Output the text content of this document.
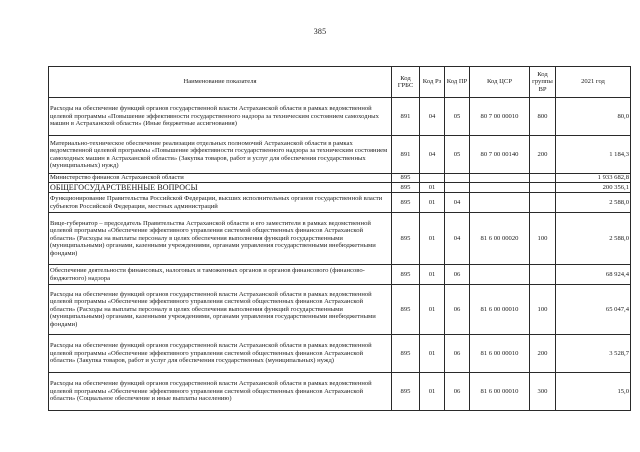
385
Наименование показателя	Код ГРБС	Код Рз	Код ПР	Код ЦСР	Код группы ВР	2021 год
Расходы на обеспечение функций органов государственной власти Астраханской области в рамках ведомственной целевой программы «Повышение эффективности государственного надзора за техническим состоянием самоходных машин в Астраханской области» (Иные бюджетные ассигнования)	891	04	05	80 7 00 00010	800	80,0
Материально-техническое обеспечение реализации отдельных полномочий Астраханской области в рамках ведомственной целевой программы «Повышение эффективности государственного надзора за техническим состоянием самоходных машин в Астраханской области» (Закупка товаров, работ и услуг для обеспечения государственных (муниципальных) нужд)	891	04	05	80 7 00 00140	200	1 184,3
Министерство финансов Астраханской области	895					1 933 682,8
ОБЩЕГОСУДАРСТВЕННЫЕ ВОПРОСЫ	895	01				200 356,1
Функционирование Правительства Российской Федерации, высших исполнительных органов государственной власти субъектов Российской Федерации, местных администраций	895	01	04			2 588,0
Вице-губернатор – председатель Правительства Астраханской области и его заместители в рамках ведомственной целевой программы «Обеспечение эффективного управления системой общественных финансов Астраханской области» (Расходы на выплаты персоналу в целях обеспечения выполнения функций государственными (муниципальными) органами, казенными учреждениями, органами управления государственными внебюджетными фондами)	895	01	04	81 6 00 00020	100	2 588,0
Обеспечение деятельности финансовых, налоговых и таможенных органов и органов финансового (финансово-бюджетного) надзора	895	01	06			68 924,4
Расходы на обеспечение функций органов государственной власти Астраханской области в рамках ведомственной целевой программы «Обеспечение эффективного управления системой общественных финансов Астраханской области» (Расходы на выплаты персоналу в целях обеспечения выполнения функций государственными (муниципальными) органами, казенными учреждениями, органами управления государственными внебюджетными фондами)	895	01	06	81 6 00 00010	100	65 047,4
Расходы на обеспечение функций органов государственной власти Астраханской области в рамках ведомственной целевой программы «Обеспечение эффективного управления системой общественных финансов Астраханской области» (Закупка товаров, работ и услуг для обеспечения государственных (муниципальных) нужд)	895	01	06	81 6 00 00010	200	3 528,7
Расходы на обеспечение функций органов государственной власти Астраханской области в рамках ведомственной целевой программы «Обеспечение эффективного управления системой общественных финансов Астраханской области» (Социальное обеспечение и иные выплаты населению)	895	01	06	81 6 00 00010	300	15,0
